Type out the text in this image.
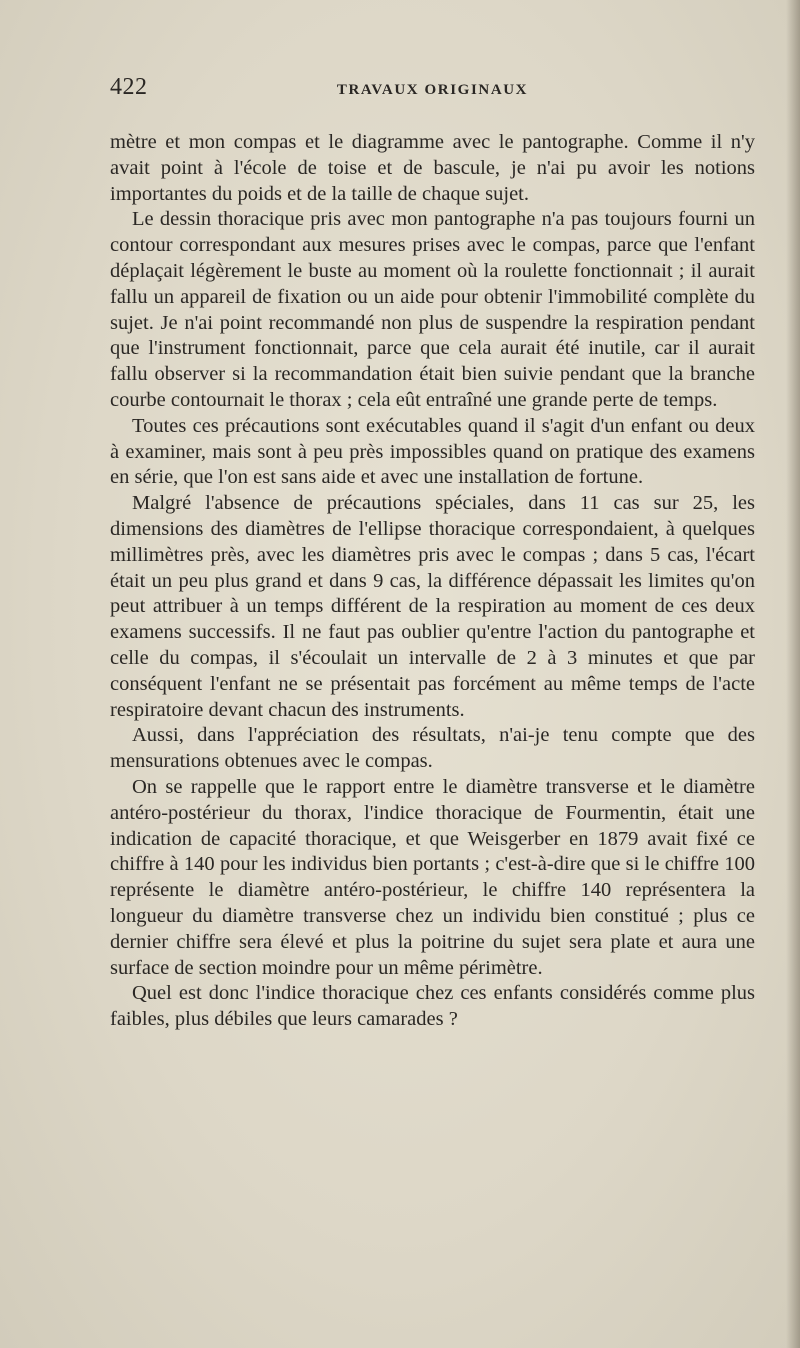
422	TRAVAUX ORIGINAUX

mètre et mon compas et le diagramme avec le pantographe. Comme il n'y avait point à l'école de toise et de bascule, je n'ai pu avoir les notions importantes du poids et de la taille de chaque sujet.

Le dessin thoracique pris avec mon pantographe n'a pas toujours fourni un contour correspondant aux mesures prises avec le compas, parce que l'enfant déplaçait légèrement le buste au moment où la roulette fonctionnait ; il aurait fallu un appareil de fixation ou un aide pour obtenir l'immobilité complète du sujet. Je n'ai point recommandé non plus de suspendre la respiration pendant que l'instrument fonctionnait, parce que cela aurait été inutile, car il aurait fallu observer si la recommandation était bien suivie pendant que la branche courbe contournait le thorax ; cela eût entraîné une grande perte de temps.

Toutes ces précautions sont exécutables quand il s'agit d'un enfant ou deux à examiner, mais sont à peu près impossibles quand on pratique des examens en série, que l'on est sans aide et avec une installation de fortune.

Malgré l'absence de précautions spéciales, dans 11 cas sur 25, les dimensions des diamètres de l'ellipse thoracique correspondaient, à quelques millimètres près, avec les diamètres pris avec le compas ; dans 5 cas, l'écart était un peu plus grand et dans 9 cas, la différence dépassait les limites qu'on peut attribuer à un temps différent de la respiration au moment de ces deux examens successifs. Il ne faut pas oublier qu'entre l'action du pantographe et celle du compas, il s'écoulait un intervalle de 2 à 3 minutes et que par conséquent l'enfant ne se présentait pas forcément au même temps de l'acte respiratoire devant chacun des instruments.

Aussi, dans l'appréciation des résultats, n'ai-je tenu compte que des mensurations obtenues avec le compas.

On se rappelle que le rapport entre le diamètre transverse et le diamètre antéro-postérieur du thorax, l'indice thoracique de Fourmentin, était une indication de capacité thoracique, et que Weisgerber en 1879 avait fixé ce chiffre à 140 pour les individus bien portants ; c'est-à-dire que si le chiffre 100 représente le diamètre antéro-postérieur, le chiffre 140 représentera la longueur du diamètre transverse chez un individu bien constitué ; plus ce dernier chiffre sera élevé et plus la poitrine du sujet sera plate et aura une surface de section moindre pour un même périmètre.

Quel est donc l'indice thoracique chez ces enfants considérés comme plus faibles, plus débiles que leurs camarades ?
